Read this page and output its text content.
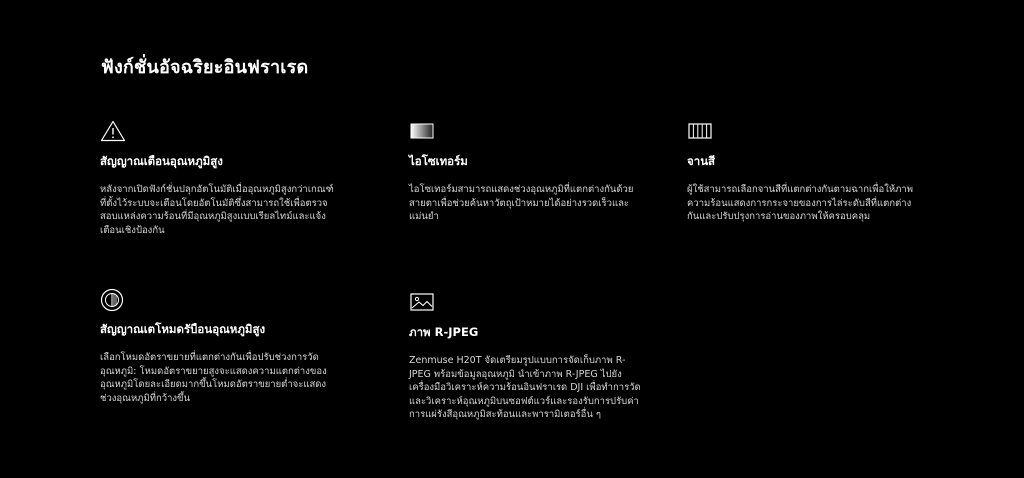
ฟังก์ชั่นอัจฉริยะอินฟราเรด
สัญญาณเตือนอุณหภูมิสูง

หลังจากเปิดฟังก์ชั่นปลุกอัตโนมัติเมื่ออุณหภูมิสูงกว่าเกณฑ์ที่ตั้งไว้ระบบจะเตือนโดยอัตโนมัติซึ่งสามารถใช้เพื่อตรวจสอบแหล่งความร้อนที่มีอุณหภูมิสูงแบบเรียลไทม์และแจ้งเตือนเชิงป้องกัน

ไอโซเทอร์ม

ไอโซเทอร์มสามารถแสดงช่วงอุณหภูมิที่แตกต่างกันด้วยสายตาเพื่อช่วยค้นหาวัตถุเป้าหมายได้อย่างรวดเร็วและแม่นยำ

จานสี

ผู้ใช้สามารถเลือกจานสีที่แตกต่างกันตามฉากเพื่อให้ภาพความร้อนแสดงการกระจายของการไล่ระดับสีที่แตกต่างกันและปรับปรุงการอ่านของภาพให้ครอบคลุม

สัญญาณเตโหมดรับือนอุณหภูมิสูง

เลือกโหมดอัตราขยายที่แตกต่างกันเพื่อปรับช่วงการวัดอุณหภูมิ: โหมดอัตราขยายสูงจะแสดงความแตกต่างของอุณหภูมิโดยละเอียดมากขึ้นโหมดอัตราขยายต่ำจะแสดงช่วงอุณหภูมิที่กว้างขึ้น

ภาพ R-JPEG

Zenmuse H20T จัดเตรียมรูปแบบการจัดเก็บภาพ R-JPEG พร้อมข้อมูลอุณหภูมิ นำเข้าภาพ R-JPEG ไปยังเครื่องมือวิเคราะห์ความร้อนอินฟราเรด DJI เพื่อทำการวัดและวิเคราะห์อุณหภูมิบนซอฟต์แวร์และรองรับการปรับค่าการแผ่รังสีอุณหภูมิสะท้อนและพารามิเตอร์อื่น ๆ
